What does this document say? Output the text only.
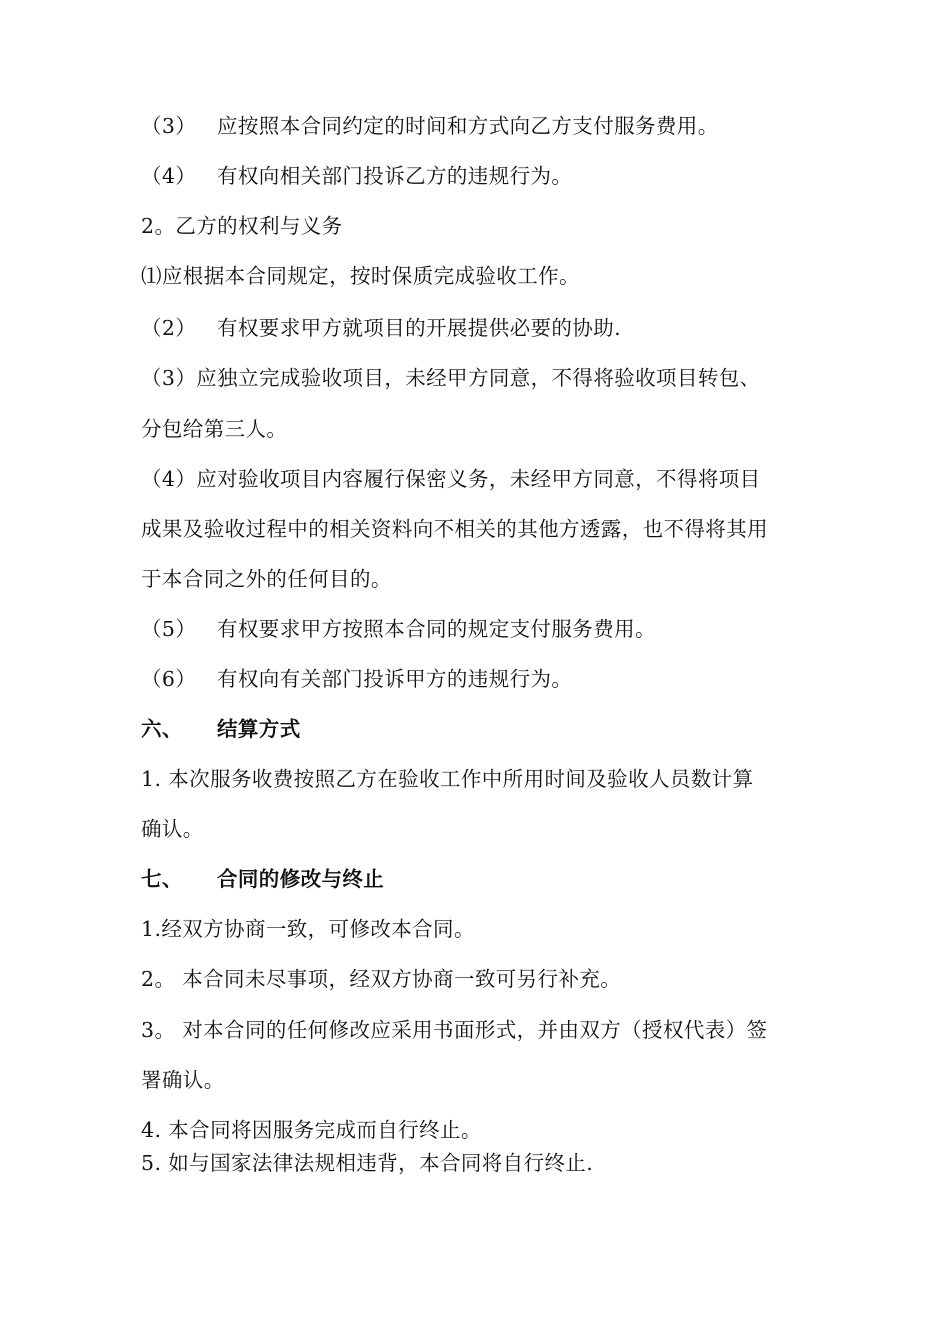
（3） 应按照本合同约定的时间和方式向乙方支付服务费用。
（4） 有权向相关部门投诉乙方的违规行为。
2。乙方的权利与义务
⑴应根据本合同规定，按时保质完成验收工作。
（2） 有权要求甲方就项目的开展提供必要的协助.
（3）应独立完成验收项目，未经甲方同意，不得将验收项目转包、
分包给第三人。
（4）应对验收项目内容履行保密义务，未经甲方同意，不得将项目
成果及验收过程中的相关资料向不相关的其他方透露，也不得将其用
于本合同之外的任何目的。
（5） 有权要求甲方按照本合同的规定支付服务费用。
（6） 有权向有关部门投诉甲方的违规行为。
六、 结算方式
1. 本次服务收费按照乙方在验收工作中所用时间及验收人员数计算
确认。
七、 合同的修改与终止
1.经双方协商一致，可修改本合同。
2。 本合同未尽事项，经双方协商一致可另行补充。
3。 对本合同的任何修改应采用书面形式，并由双方（授权代表）签
署确认。
4. 本合同将因服务完成而自行终止。
5. 如与国家法律法规相违背，本合同将自行终止.
